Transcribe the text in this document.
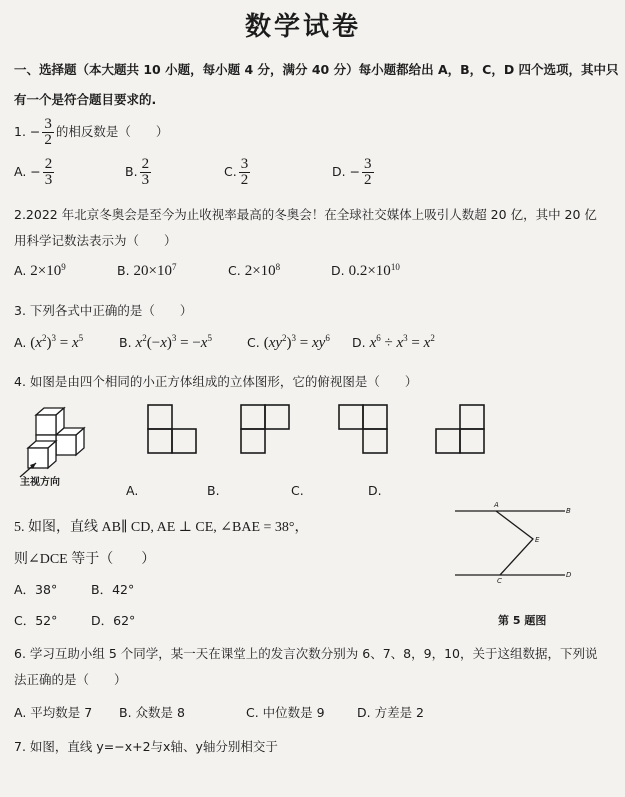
数学试卷
一、选择题（本大题共 10 小题，每小题 4 分，满分 40 分）每小题都给出 A，B，C，D 四个选项，其中只
有一个是符合题目要求的.
1. − $\frac{3}{2}$ 的相反数是（　　）
A. − $\frac{2}{3}$	B. $\frac{2}{3}$	C. $\frac{3}{2}$	D. − $\frac{3}{2}$
2.2022 年北京冬奥会是至今为止收视率最高的冬奥会！在全球社交媒体上吸引人数超 20 亿，其中 20 亿
用科学记数法表示为（　　）
A. $2\times 10^9$	B. $20\times 10^7$	C. $2\times 10^8$	D. $0.2\times 10^{10}$
3. 下列各式中正确的是（　　）
A. $(x^2)^3 = x^5$	B. $x^2(-x)^3 = -x^5$	C. $(xy^2)^3 = xy^6$ D. $x^6 \div x^3 = x^2$
4. 如图是由四个相同的小正方体组成的立体图形，它的俯视图是（　　）
主视方向
A.	B.	C.	D.
5. 如图，直线 AB∥ CD, AE ⊥ CE, ∠BAE = 38°，
则∠DCE 等于（　　）
A．38°	B．42°
C．52°	D．62°
A
B
E
C
D
第 5 题图
6. 学习互助小组 5 个同学，某一天在课堂上的发言次数分别为 6、7、8，9，10，关于这组数据，下列说
法正确的是（　　）
A. 平均数是 7 B. 众数是 8	C. 中位数是 9	D. 方差是 2
7. 如图，直线 y=−x+2与x轴、y轴分别相交于
